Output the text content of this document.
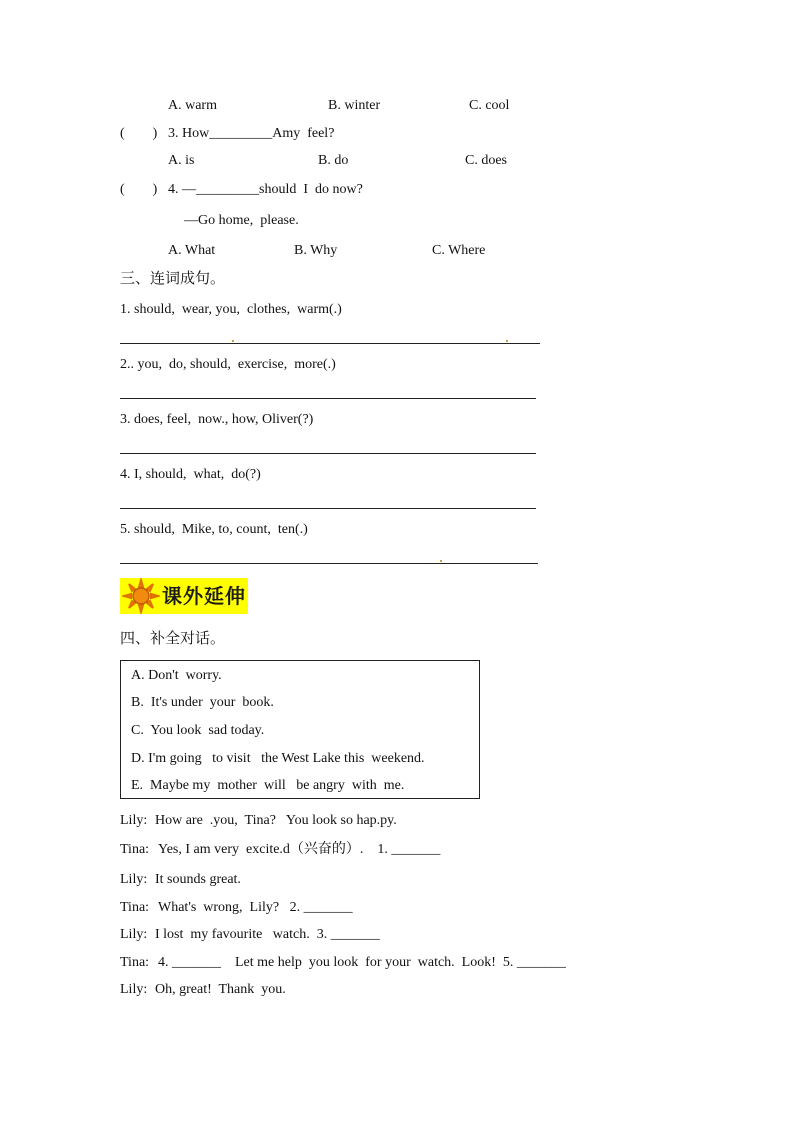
A. warm	B. winter	C. cool
(        ) 3. How_________Amy  feel?
A. is	B. do	C. does
(        ) 4. —_________should  I  do now?
—Go home,  please.
A. What	B. Why	C. Where
三、连词成句。
1. should,  wear, you,  clothes,  warm(.)
2.. you,  do, should,  exercise,  more(.)
3. does, feel,  now., how, Oliver(?)
4. I, should,  what,  do(?)
5. should,  Mike, to, count,  ten(.)
课外延伸
四、补全对话。
A. Don't  worry.
B.  It's under  your  book.
C.  You look  sad today.
D. I'm going   to visit   the West Lake this  weekend.
E.  Maybe my  mother  will   be angry  with  me.
Lily: How are  .you,  Tina?   You look so hap.py.
Tina: Yes, I am very  excite.d（兴奋的）.    1. _______
Lily: It sounds great.
Tina: What's  wrong,  Lily?   2. _______
Lily: I lost  my favourite   watch.  3. _______
Tina: 4. _______    Let me help  you look  for your  watch.  Look!  5. _______
Lily: Oh, great!  Thank  you.
